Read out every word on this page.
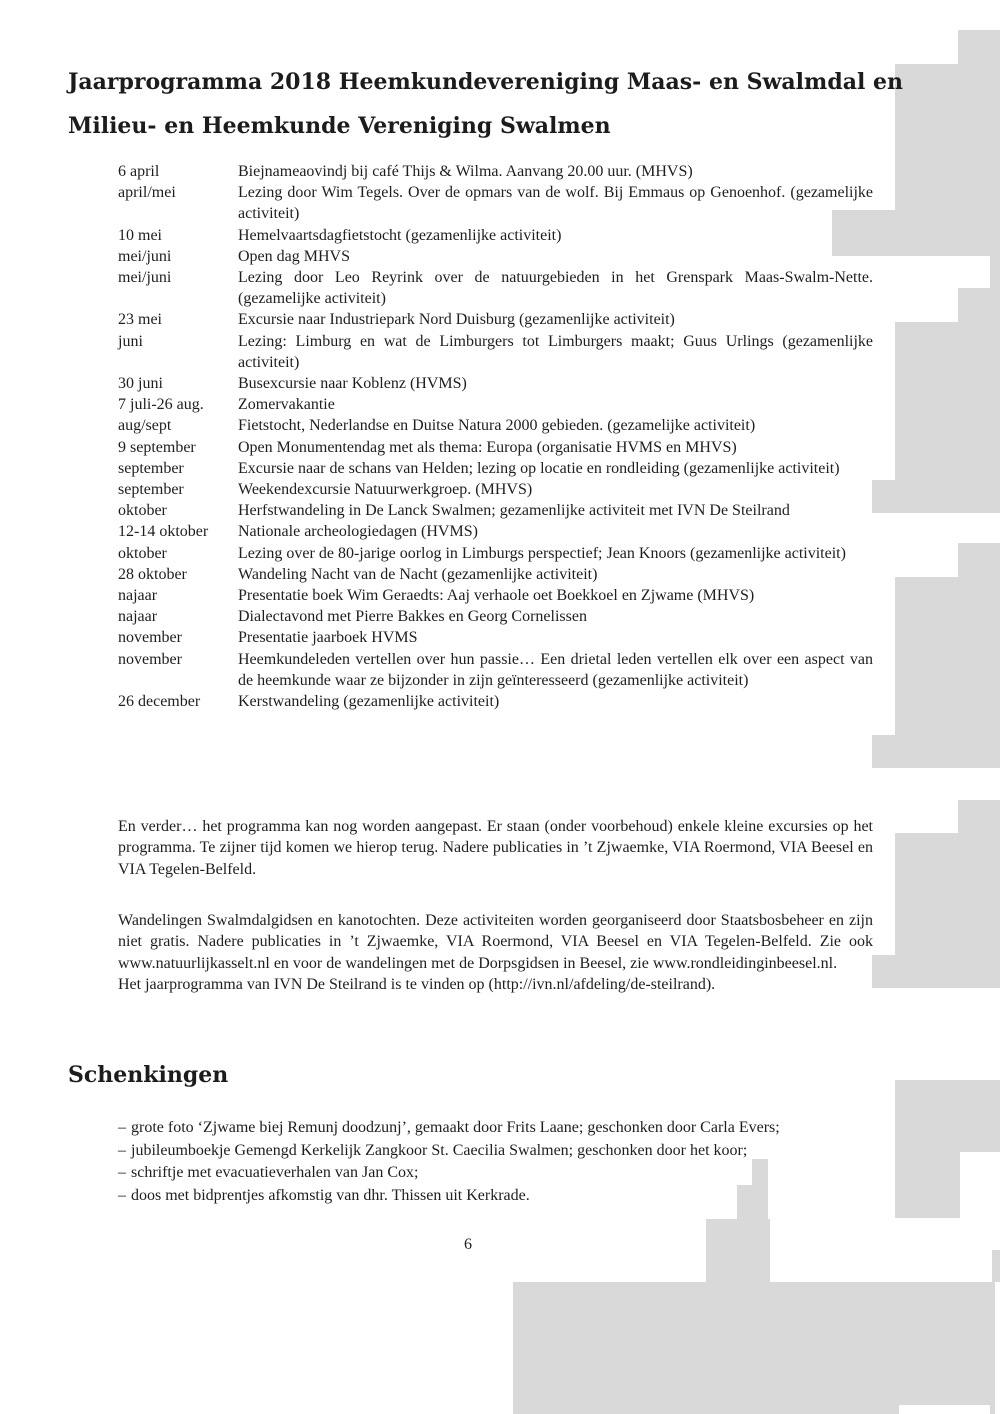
Jaarprogramma 2018 Heemkundevereniging Maas- en Swalmdal en
Milieu- en Heemkunde Vereniging Swalmen
6 april	Biejnameaovindj bij café Thijs & Wilma. Aanvang 20.00 uur. (MHVS)
april/mei	Lezing door Wim Tegels. Over de opmars van de wolf. Bij Emmaus op Genoenhof. (gezamelijke activiteit)
10 mei	Hemelvaartsdagfietstocht (gezamenlijke activiteit)
mei/juni	Open dag MHVS
mei/juni	Lezing door Leo Reyrink over de natuurgebieden in het Grenspark Maas-Swalm-Nette. (gezamelijke activiteit)
23 mei	Excursie naar Industriepark Nord Duisburg (gezamenlijke activiteit)
juni	Lezing: Limburg en wat de Limburgers tot Limburgers maakt; Guus Urlings (gezamenlijke activiteit)
30 juni	Busexcursie naar Koblenz (HVMS)
7 juli-26 aug.	Zomervakantie
aug/sept	Fietstocht, Nederlandse en Duitse Natura 2000 gebieden. (gezamelijke activiteit)
9 september	Open Monumentendag met als thema: Europa (organisatie HVMS en MHVS)
september	Excursie naar de schans van Helden; lezing op locatie en rondleiding (gezamenlijke activiteit)
september	Weekendexcursie Natuurwerkgroep. (MHVS)
oktober	Herfstwandeling in De Lanck Swalmen; gezamenlijke activiteit met IVN De Steilrand
12-14 oktober	Nationale archeologiedagen (HVMS)
oktober	Lezing over de 80-jarige oorlog in Limburgs perspectief; Jean Knoors (gezamenlijke activiteit)
28 oktober	Wandeling Nacht van de Nacht (gezamenlijke activiteit)
najaar	Presentatie boek Wim Geraedts: Aaj verhaole oet Boekkoel en Zjwame (MHVS)
najaar	Dialectavond met Pierre Bakkes en Georg Cornelissen
november	Presentatie jaarboek HVMS
november	Heemkundeleden vertellen over hun passie… Een drietal leden vertellen elk over een aspect van de heemkunde waar ze bijzonder in zijn geïnteresseerd (gezamenlijke activiteit)
26 december	Kerstwandeling (gezamenlijke activiteit)
En verder… het programma kan nog worden aangepast. Er staan (onder voorbehoud) enkele kleine excursies op het programma. Te zijner tijd komen we hierop terug. Nadere publicaties in ’t Zjwaemke, VIA Roermond, VIA Beesel en VIA Tegelen-Belfeld.
Wandelingen Swalmdalgidsen en kanotochten. Deze activiteiten worden georganiseerd door Staatsbosbeheer en zijn niet gratis. Nadere publicaties in ’t Zjwaemke, VIA Roermond, VIA Beesel en VIA Tegelen-Belfeld. Zie ook www.natuurlijkasselt.nl en voor de wandelingen met de Dorpsgidsen in Beesel, zie www.rondleidinginbeesel.nl.
Het jaarprogramma van IVN De Steilrand is te vinden op (http://ivn.nl/afdeling/de-steilrand).
Schenkingen
– grote foto ‘Zjwame biej Remunj doodzunj’, gemaakt door Frits Laane; geschonken door Carla Evers;
– jubileumboekje Gemengd Kerkelijk Zangkoor St. Caecilia Swalmen; geschonken door het koor;
– schriftje met evacuatieverhalen van Jan Cox;
– doos met bidprentjes afkomstig van dhr. Thissen uit Kerkrade.
6
